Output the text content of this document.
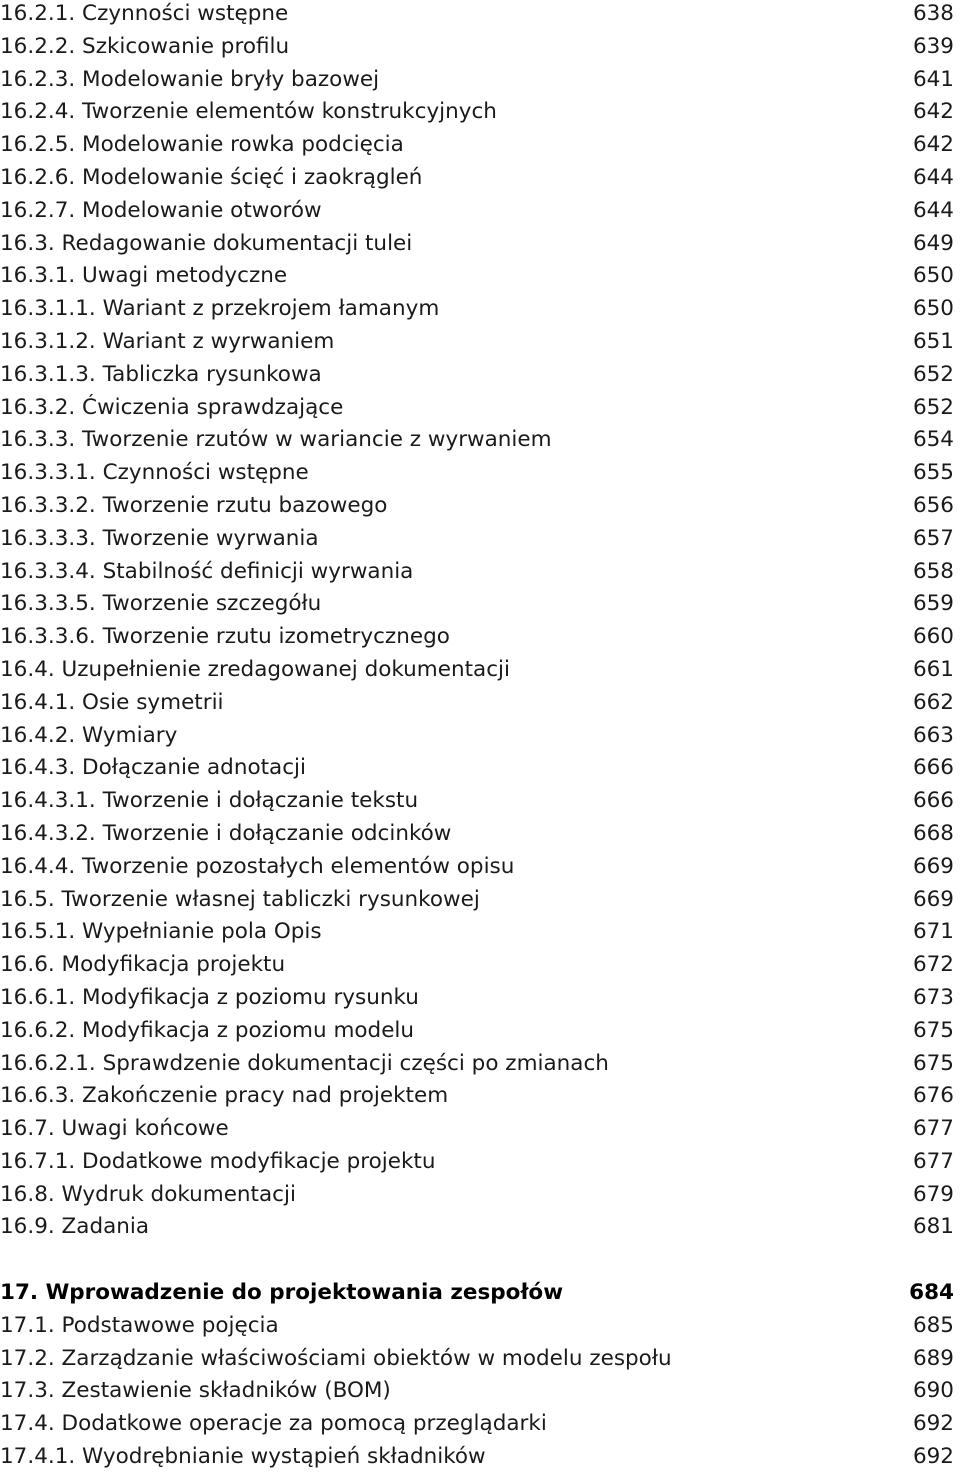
16.2.1. Czynności wstępne	638
16.2.2. Szkicowanie profilu	639
16.2.3. Modelowanie bryły bazowej	641
16.2.4. Tworzenie elementów konstrukcyjnych	642
16.2.5. Modelowanie rowka podcięcia	642
16.2.6. Modelowanie ścięć i zaokrągleń	644
16.2.7. Modelowanie otworów	644
16.3. Redagowanie dokumentacji tulei	649
16.3.1. Uwagi metodyczne	650
16.3.1.1. Wariant z przekrojem łamanym	650
16.3.1.2. Wariant z wyrwaniem	651
16.3.1.3. Tabliczka rysunkowa	652
16.3.2. Ćwiczenia sprawdzające	652
16.3.3. Tworzenie rzutów w wariancie z wyrwaniem	654
16.3.3.1. Czynności wstępne	655
16.3.3.2. Tworzenie rzutu bazowego	656
16.3.3.3. Tworzenie wyrwania	657
16.3.3.4. Stabilność definicji wyrwania	658
16.3.3.5. Tworzenie szczegółu	659
16.3.3.6. Tworzenie rzutu izometrycznego	660
16.4. Uzupełnienie zredagowanej dokumentacji	661
16.4.1. Osie symetrii	662
16.4.2. Wymiary	663
16.4.3. Dołączanie adnotacji	666
16.4.3.1. Tworzenie i dołączanie tekstu	666
16.4.3.2. Tworzenie i dołączanie odcinków	668
16.4.4. Tworzenie pozostałych elementów opisu	669
16.5. Tworzenie własnej tabliczki rysunkowej	669
16.5.1. Wypełnianie pola Opis	671
16.6. Modyfikacja projektu	672
16.6.1. Modyfikacja z poziomu rysunku	673
16.6.2. Modyfikacja z poziomu modelu	675
16.6.2.1. Sprawdzenie dokumentacji części po zmianach	675
16.6.3. Zakończenie pracy nad projektem	676
16.7. Uwagi końcowe	677
16.7.1. Dodatkowe modyfikacje projektu	677
16.8. Wydruk dokumentacji	679
16.9. Zadania	681
17. Wprowadzenie do projektowania zespołów	684
17.1. Podstawowe pojęcia	685
17.2. Zarządzanie właściwościami obiektów w modelu zespołu	689
17.3. Zestawienie składników (BOM)	690
17.4. Dodatkowe operacje za pomocą przeglądarki	692
17.4.1. Wyodrębnianie wystąpień składników	692
